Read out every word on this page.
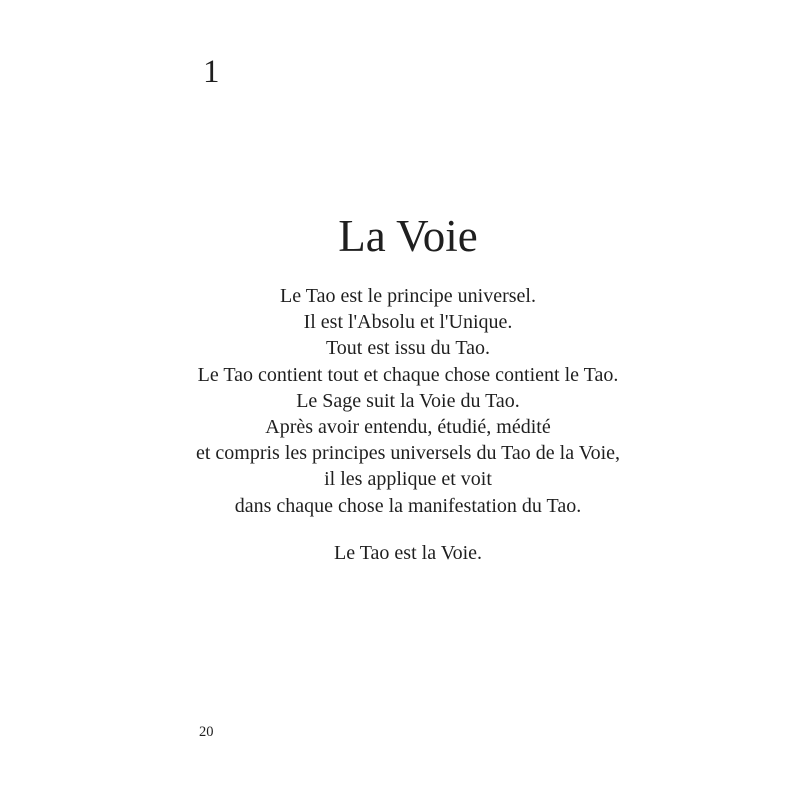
1
La Voie
Le Tao est le principe universel.
Il est l'Absolu et l'Unique.
Tout est issu du Tao.
Le Tao contient tout et chaque chose contient le Tao.
Le Sage suit la Voie du Tao.
Après avoir entendu, étudié, médité
et compris les principes universels du Tao de la Voie,
il les applique et voit
dans chaque chose la manifestation du Tao.
Le Tao est la Voie.
20
